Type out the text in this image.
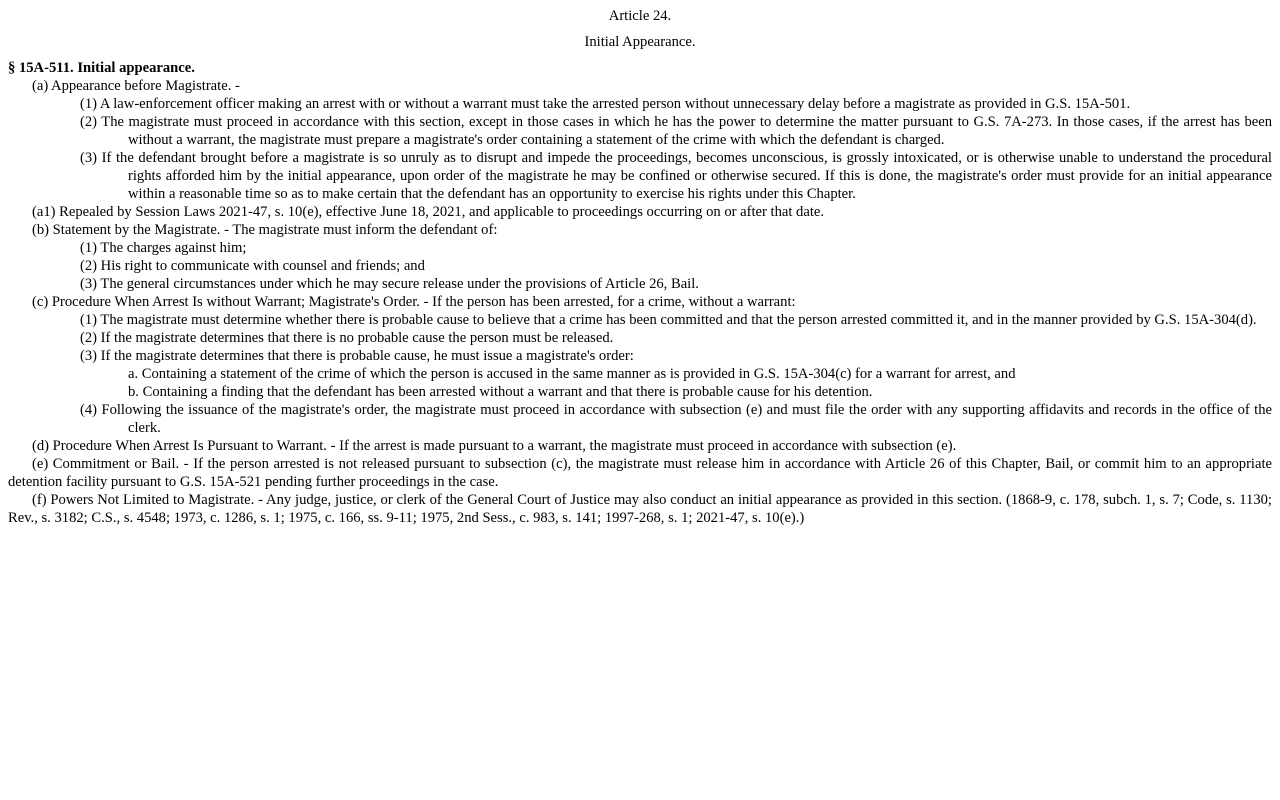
Article 24.

Initial Appearance.

§ 15A-511. Initial appearance.

(a) Appearance before Magistrate. -

(1) A law-enforcement officer making an arrest with or without a warrant must take the arrested person without unnecessary delay before a magistrate as provided in G.S. 15A-501.

(2) The magistrate must proceed in accordance with this section, except in those cases in which he has the power to determine the matter pursuant to G.S. 7A-273. In those cases, if the arrest has been without a warrant, the magistrate must prepare a magistrate's order containing a statement of the crime with which the defendant is charged.

(3) If the defendant brought before a magistrate is so unruly as to disrupt and impede the proceedings, becomes unconscious, is grossly intoxicated, or is otherwise unable to understand the procedural rights afforded him by the initial appearance, upon order of the magistrate he may be confined or otherwise secured. If this is done, the magistrate's order must provide for an initial appearance within a reasonable time so as to make certain that the defendant has an opportunity to exercise his rights under this Chapter.

(a1) Repealed by Session Laws 2021-47, s. 10(e), effective June 18, 2021, and applicable to proceedings occurring on or after that date.

(b) Statement by the Magistrate. - The magistrate must inform the defendant of:

(1) The charges against him;

(2) His right to communicate with counsel and friends; and

(3) The general circumstances under which he may secure release under the provisions of Article 26, Bail.

(c) Procedure When Arrest Is without Warrant; Magistrate's Order. - If the person has been arrested, for a crime, without a warrant:

(1) The magistrate must determine whether there is probable cause to believe that a crime has been committed and that the person arrested committed it, and in the manner provided by G.S. 15A-304(d).

(2) If the magistrate determines that there is no probable cause the person must be released.

(3) If the magistrate determines that there is probable cause, he must issue a magistrate's order:

a. Containing a statement of the crime of which the person is accused in the same manner as is provided in G.S. 15A-304(c) for a warrant for arrest, and

b. Containing a finding that the defendant has been arrested without a warrant and that there is probable cause for his detention.

(4) Following the issuance of the magistrate's order, the magistrate must proceed in accordance with subsection (e) and must file the order with any supporting affidavits and records in the office of the clerk.

(d) Procedure When Arrest Is Pursuant to Warrant. - If the arrest is made pursuant to a warrant, the magistrate must proceed in accordance with subsection (e).

(e) Commitment or Bail. - If the person arrested is not released pursuant to subsection (c), the magistrate must release him in accordance with Article 26 of this Chapter, Bail, or commit him to an appropriate detention facility pursuant to G.S. 15A-521 pending further proceedings in the case.

(f) Powers Not Limited to Magistrate. - Any judge, justice, or clerk of the General Court of Justice may also conduct an initial appearance as provided in this section. (1868-9, c. 178, subch. 1, s. 7; Code, s. 1130; Rev., s. 3182; C.S., s. 4548; 1973, c. 1286, s. 1; 1975, c. 166, ss. 9-11; 1975, 2nd Sess., c. 983, s. 141; 1997-268, s. 1; 2021-47, s. 10(e).)
